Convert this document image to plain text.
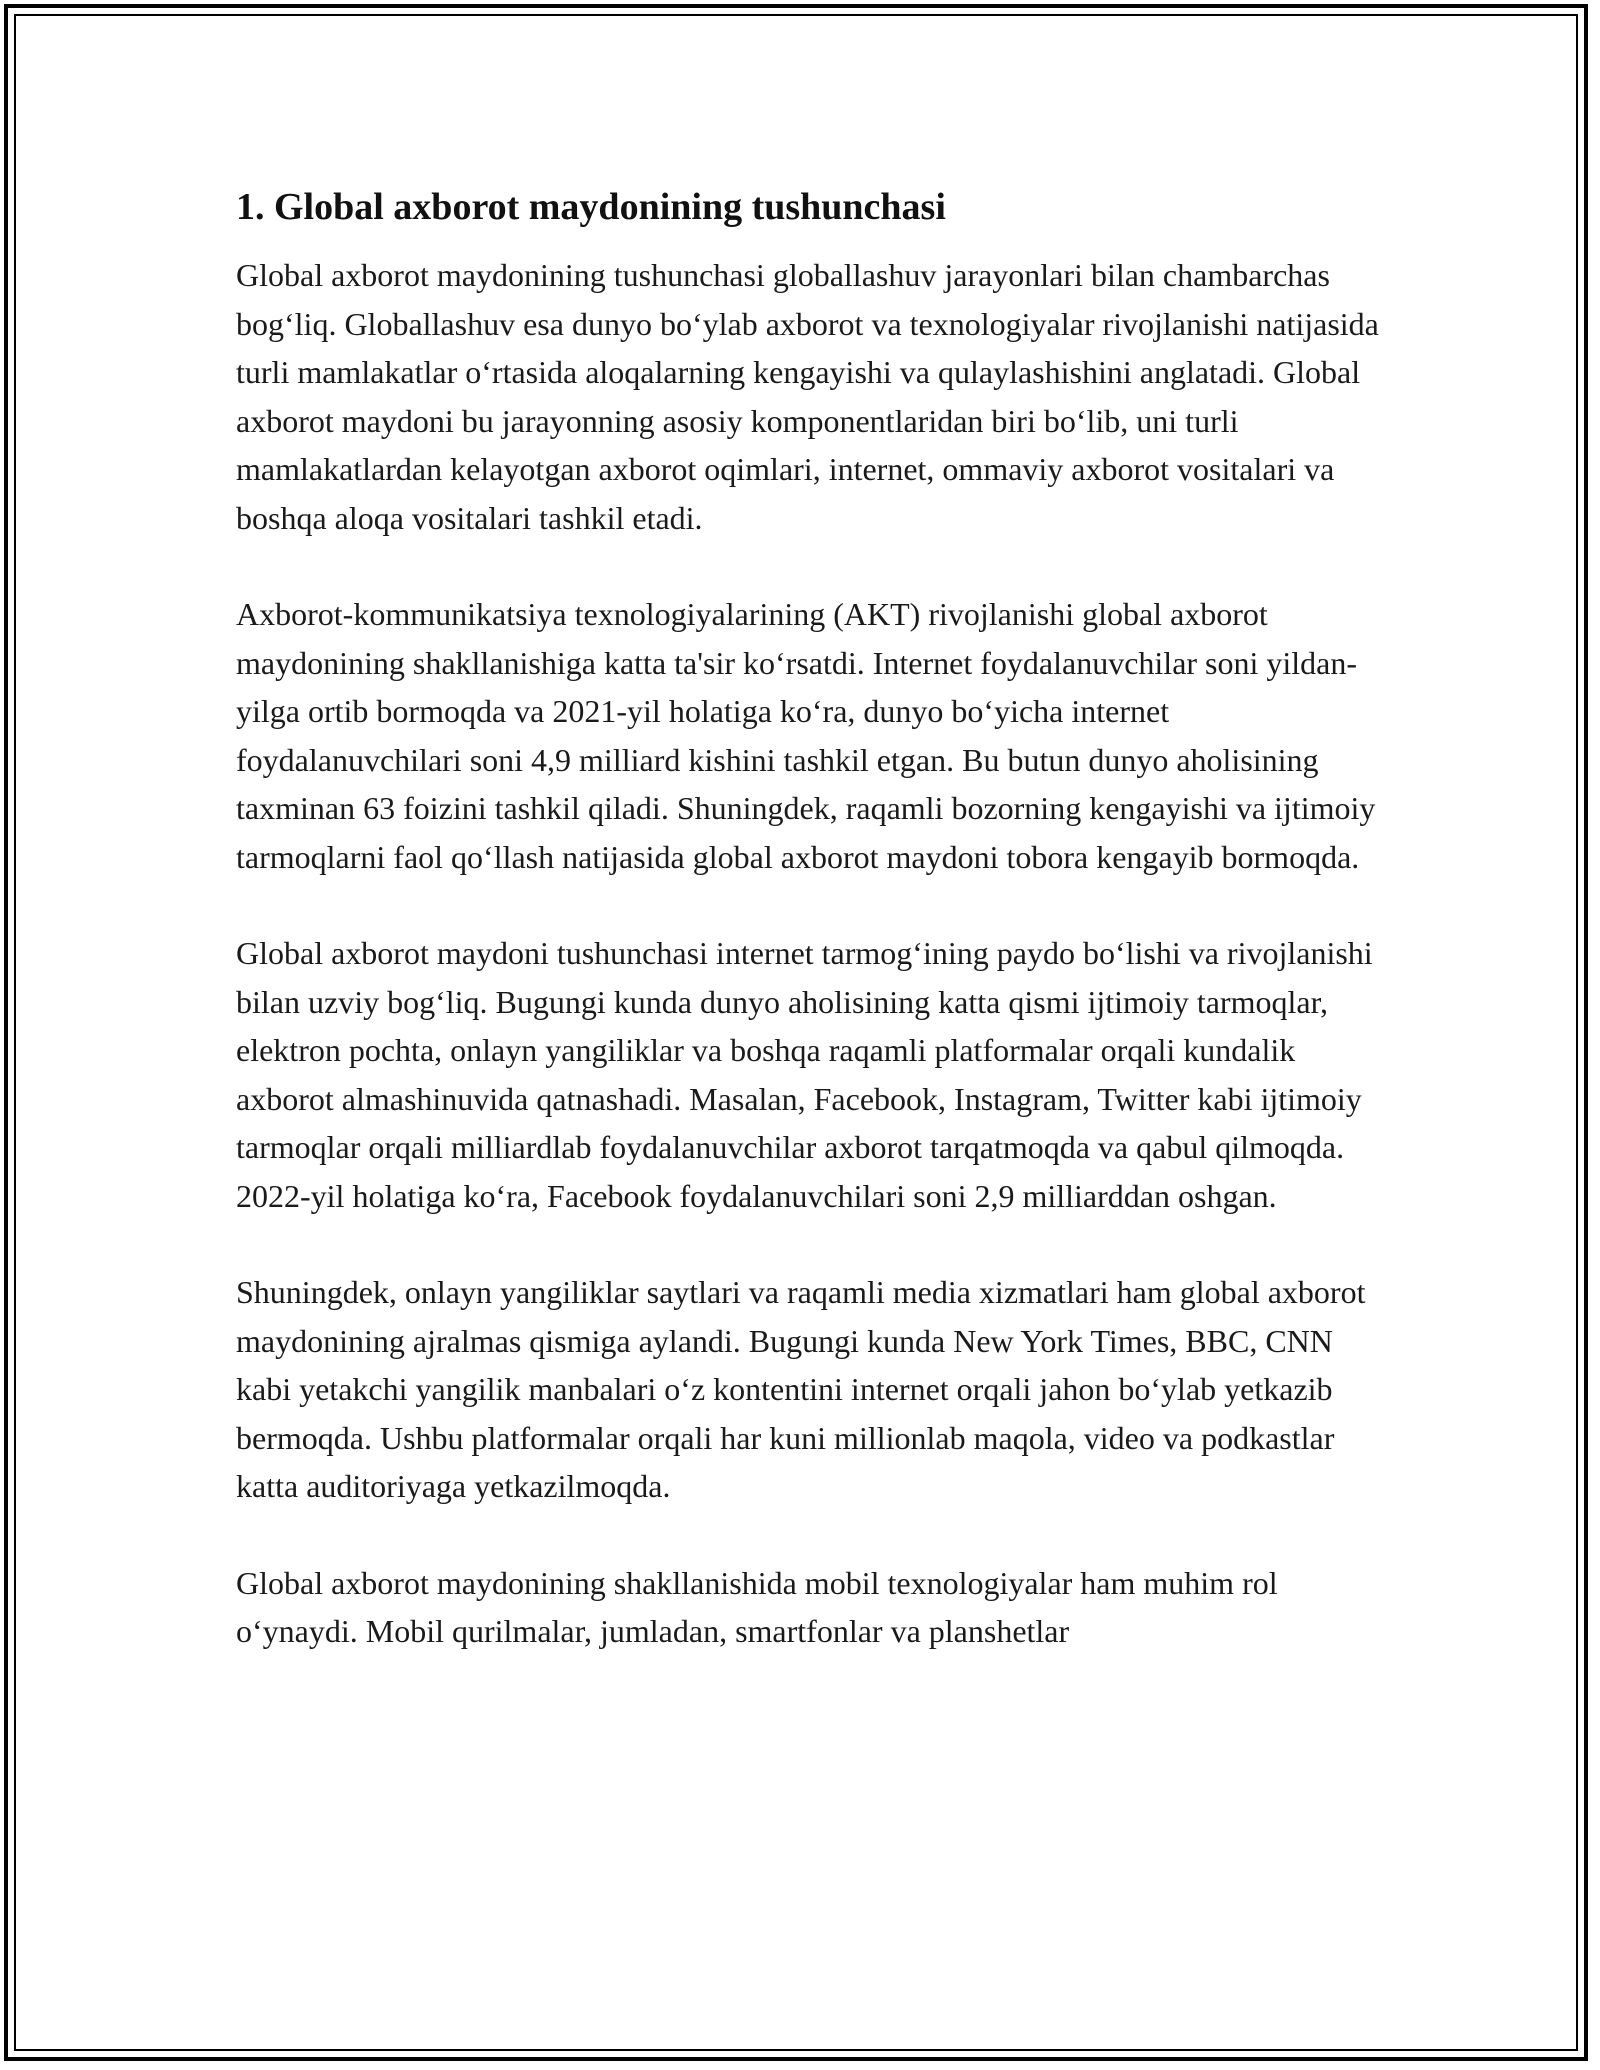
1. Global axborot maydonining tushunchasi

Global axborot maydonining tushunchasi globallashuv jarayonlari bilan chambarchas bog‘liq. Globallashuv esa dunyo bo‘ylab axborot va texnologiyalar rivojlanishi natijasida turli mamlakatlar o‘rtasida aloqalarning kengayishi va qulaylashishini anglatadi. Global axborot maydoni bu jarayonning asosiy komponentlaridan biri bo‘lib, uni turli mamlakatlardan kelayotgan axborot oqimlari, internet, ommaviy axborot vositalari va boshqa aloqa vositalari tashkil etadi.

Axborot-kommunikatsiya texnologiyalarining (AKT) rivojlanishi global axborot maydonining shakllanishiga katta ta'sir ko‘rsatdi. Internet foydalanuvchilar soni yildan-yilga ortib bormoqda va 2021-yil holatiga ko‘ra, dunyo bo‘yicha internet foydalanuvchilari soni 4,9 milliard kishini tashkil etgan. Bu butun dunyo aholisining taxminan 63 foizini tashkil qiladi. Shuningdek, raqamli bozorning kengayishi va ijtimoiy tarmoqlarni faol qo‘llash natijasida global axborot maydoni tobora kengayib bormoqda.

Global axborot maydoni tushunchasi internet tarmog‘ining paydo bo‘lishi va rivojlanishi bilan uzviy bog‘liq. Bugungi kunda dunyo aholisining katta qismi ijtimoiy tarmoqlar, elektron pochta, onlayn yangiliklar va boshqa raqamli platformalar orqali kundalik axborot almashinuvida qatnashadi. Masalan, Facebook, Instagram, Twitter kabi ijtimoiy tarmoqlar orqali milliardlab foydalanuvchilar axborot tarqatmoqda va qabul qilmoqda. 2022-yil holatiga ko‘ra, Facebook foydalanuvchilari soni 2,9 milliarddan oshgan.

Shuningdek, onlayn yangiliklar saytlari va raqamli media xizmatlari ham global axborot maydonining ajralmas qismiga aylandi. Bugungi kunda New York Times, BBC, CNN kabi yetakchi yangilik manbalari o‘z kontentini internet orqali jahon bo‘ylab yetkazib bermoqda. Ushbu platformalar orqali har kuni millionlab maqola, video va podkastlar katta auditoriyaga yetkazilmoqda.

Global axborot maydonining shakllanishida mobil texnologiyalar ham muhim rol o‘ynaydi. Mobil qurilmalar, jumladan, smartfonlar va planshetlar
